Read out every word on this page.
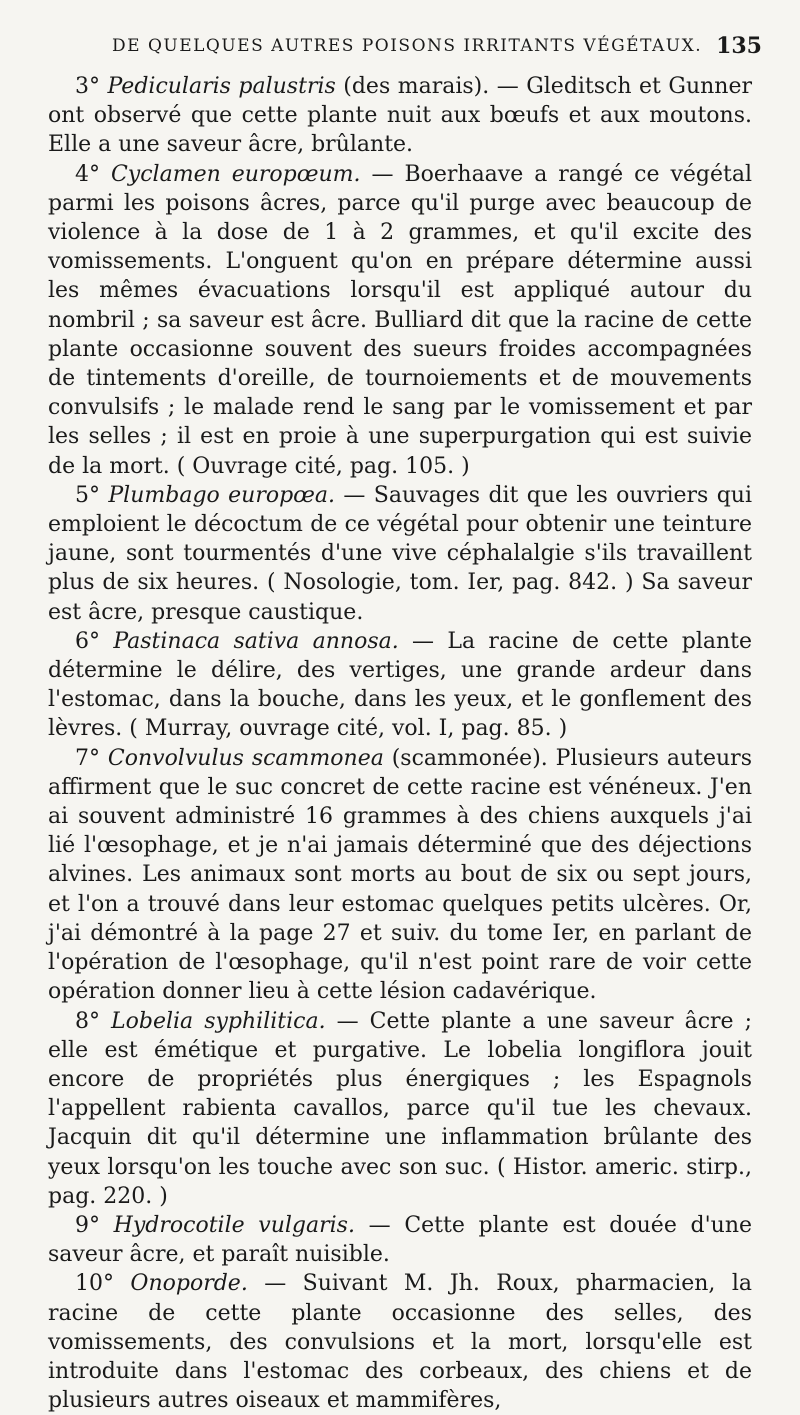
DE QUELQUES AUTRES POISONS IRRITANTS VÉGÉTAUX. 135

3° Pedicularis palustris (des marais). — Gleditsch et Gunner ont observé que cette plante nuit aux bœufs et aux moutons. Elle a une saveur âcre, brûlante.

4° Cyclamen europœum. — Boerhaave a rangé ce végétal parmi les poisons âcres, parce qu'il purge avec beaucoup de violence à la dose de 1 à 2 grammes, et qu'il excite des vomissements. L'onguent qu'on en prépare détermine aussi les mêmes évacuations lorsqu'il est appliqué autour du nombril ; sa saveur est âcre. Bulliard dit que la racine de cette plante occasionne souvent des sueurs froides accompagnées de tintements d'oreille, de tournoiements et de mouvements convulsifs ; le malade rend le sang par le vomissement et par les selles ; il est en proie à une superpurgation qui est suivie de la mort. ( Ouvrage cité, pag. 105. )

5° Plumbago europœa. — Sauvages dit que les ouvriers qui emploient le décoctum de ce végétal pour obtenir une teinture jaune, sont tourmentés d'une vive céphalalgie s'ils travaillent plus de six heures. ( Nosologie, tom. Ier, pag. 842. ) Sa saveur est âcre, presque caustique.

6° Pastinaca sativa annosa. — La racine de cette plante détermine le délire, des vertiges, une grande ardeur dans l'estomac, dans la bouche, dans les yeux, et le gonflement des lèvres. ( Murray, ouvrage cité, vol. I, pag. 85. )

7° Convolvulus scammonea (scammonée). Plusieurs auteurs affirment que le suc concret de cette racine est vénéneux. J'en ai souvent administré 16 grammes à des chiens auxquels j'ai lié l'œsophage, et je n'ai jamais déterminé que des déjections alvines. Les animaux sont morts au bout de six ou sept jours, et l'on a trouvé dans leur estomac quelques petits ulcères. Or, j'ai démontré à la page 27 et suiv. du tome Ier, en parlant de l'opération de l'œsophage, qu'il n'est point rare de voir cette opération donner lieu à cette lésion cadavérique.

8° Lobelia syphilitica. — Cette plante a une saveur âcre ; elle est émétique et purgative. Le lobelia longiflora jouit encore de propriétés plus énergiques ; les Espagnols l'appellent rabienta cavallos, parce qu'il tue les chevaux. Jacquin dit qu'il détermine une inflammation brûlante des yeux lorsqu'on les touche avec son suc. ( Histor. americ. stirp., pag. 220. )

9° Hydrocotile vulgaris. — Cette plante est douée d'une saveur âcre, et paraît nuisible.

10° Onoporde. — Suivant M. Jh. Roux, pharmacien, la racine de cette plante occasionne des selles, des vomissements, des convulsions et la mort, lorsqu'elle est introduite dans l'estomac des corbeaux, des chiens et de plusieurs autres oiseaux et mammifères,
